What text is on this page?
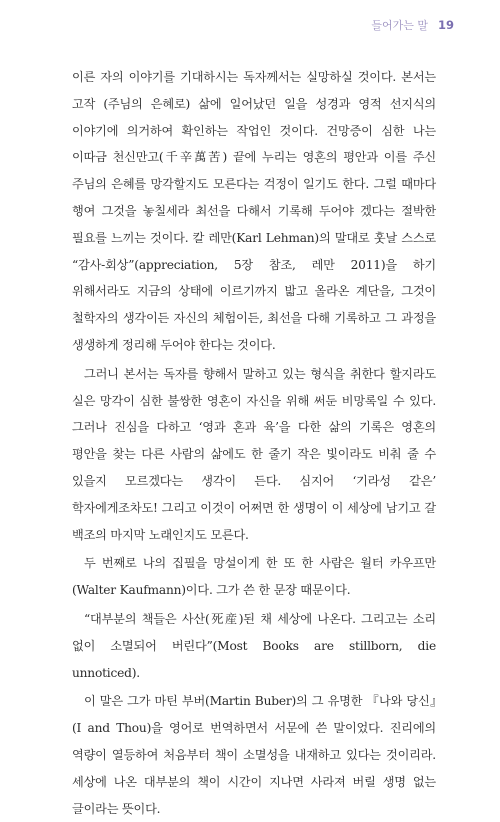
들어가는 말 19

이른 자의 이야기를 기대하시는 독자께서는 실망하실 것이다. 본서는 고작 (주님의 은혜로) 삶에 일어났던 일을 성경과 영적 선지식의 이야기에 의거하여 확인하는 작업인 것이다. 건망증이 심한 나는 이따금 천신만고(千辛萬苦) 끝에 누리는 영혼의 평안과 이를 주신 주님의 은혜를 망각할지도 모른다는 걱정이 일기도 한다. 그럴 때마다 행여 그것을 놓칠세라 최선을 다해서 기록해 두어야 겠다는 절박한 필요를 느끼는 것이다. 칼 레만(Karl Lehman)의 말대로 훗날 스스로 “감사-회상”(appreciation, 5장 참조, 레만 2011)을 하기 위해서라도 지금의 상태에 이르기까지 밟고 올라온 계단을, 그것이 철학자의 생각이든 자신의 체험이든, 최선을 다해 기록하고 그 과정을 생생하게 정리해 두어야 한다는 것이다.

그러니 본서는 독자를 향해서 말하고 있는 형식을 취한다 할지라도 실은 망각이 심한 불쌍한 영혼이 자신을 위해 써둔 비망록일 수 있다. 그러나 진심을 다하고 ‘영과 혼과 육’을 다한 삶의 기록은 영혼의 평안을 찾는 다른 사람의 삶에도 한 줄기 작은 빛이라도 비춰 줄 수 있을지 모르겠다는 생각이 든다. 심지어 ‘기라성 같은’ 학자에게조차도! 그리고 이것이 어쩌면 한 생명이 이 세상에 남기고 갈 백조의 마지막 노래인지도 모른다.

두 번째로 나의 집필을 망설이게 한 또 한 사람은 월터 카우프만(Walter Kaufmann)이다. 그가 쓴 한 문장 때문이다.

“대부분의 책들은 사산(死産)된 채 세상에 나온다. 그리고는 소리 없이 소멸되어 버린다”(Most Books are stillborn, die unnoticed).

이 말은 그가 마틴 부버(Martin Buber)의 그 유명한 『나와 당신』(I and Thou)을 영어로 번역하면서 서문에 쓴 말이었다. 진리에의 역량이 열등하여 처음부터 책이 소멸성을 내재하고 있다는 것이리라. 세상에 나온 대부분의 책이 시간이 지나면 사라져 버릴 생명 없는 글이라는 뜻이다.
